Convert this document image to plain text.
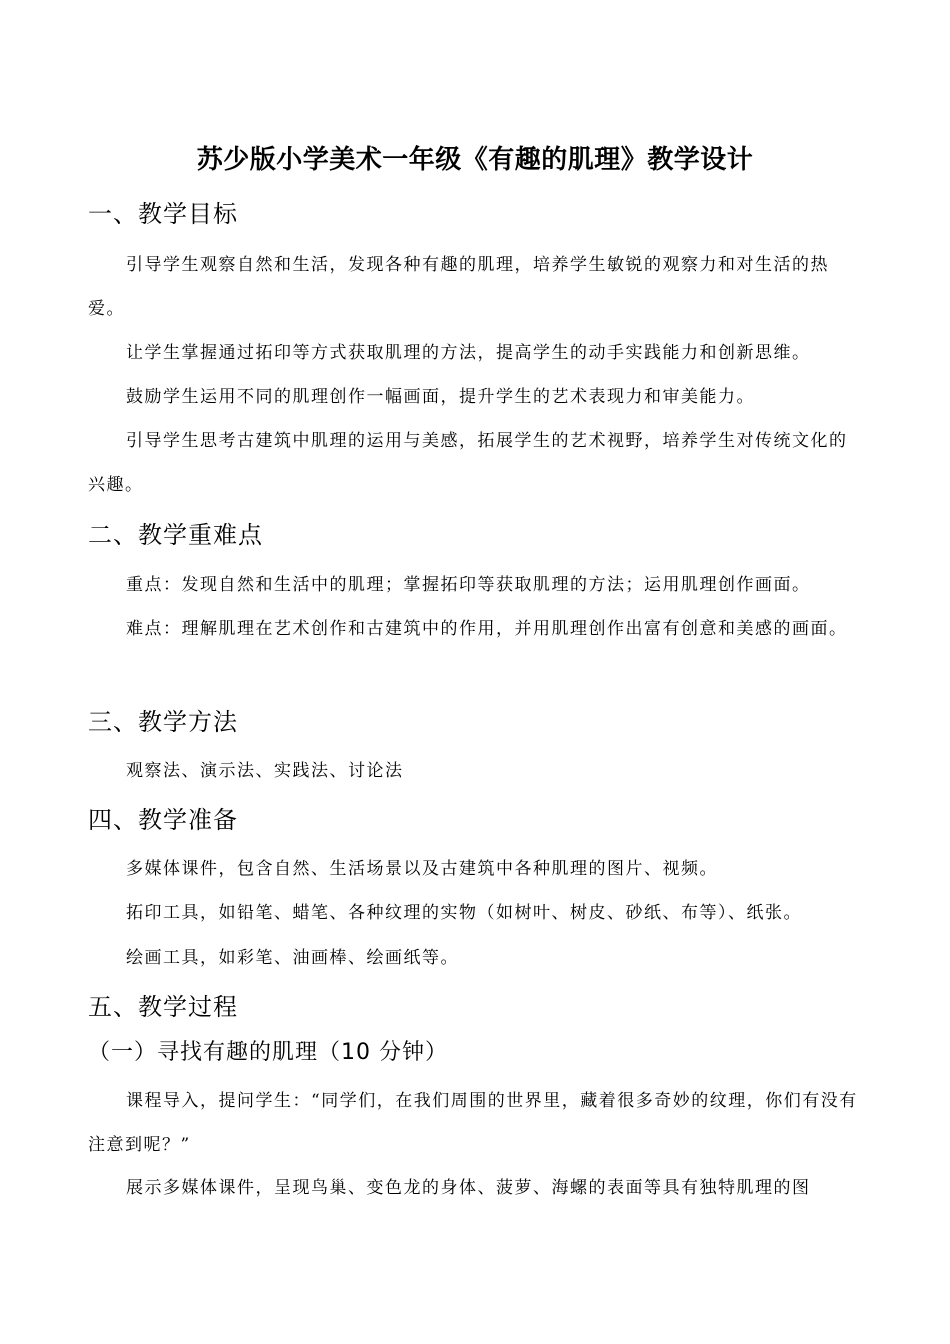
苏少版小学美术一年级《有趣的肌理》教学设计
一、教学目标
引导学生观察自然和生活，发现各种有趣的肌理，培养学生敏锐的观察力和对生活的热爱。
让学生掌握通过拓印等方式获取肌理的方法，提高学生的动手实践能力和创新思维。
鼓励学生运用不同的肌理创作一幅画面，提升学生的艺术表现力和审美能力。
引导学生思考古建筑中肌理的运用与美感，拓展学生的艺术视野，培养学生对传统文化的兴趣。
二、教学重难点
重点：发现自然和生活中的肌理；掌握拓印等获取肌理的方法；运用肌理创作画面。
难点：理解肌理在艺术创作和古建筑中的作用，并用肌理创作出富有创意和美感的画面。
三、教学方法
观察法、演示法、实践法、讨论法
四、教学准备
多媒体课件，包含自然、生活场景以及古建筑中各种肌理的图片、视频。
拓印工具，如铅笔、蜡笔、各种纹理的实物（如树叶、树皮、砂纸、布等）、纸张。
绘画工具，如彩笔、油画棒、绘画纸等。
五、教学过程
（一）寻找有趣的肌理（10 分钟）
课程导入，提问学生：“同学们，在我们周围的世界里，藏着很多奇妙的纹理，你们有没有注意到呢？”
展示多媒体课件，呈现鸟巢、变色龙的身体、菠萝、海螺的表面等具有独特肌理的图
